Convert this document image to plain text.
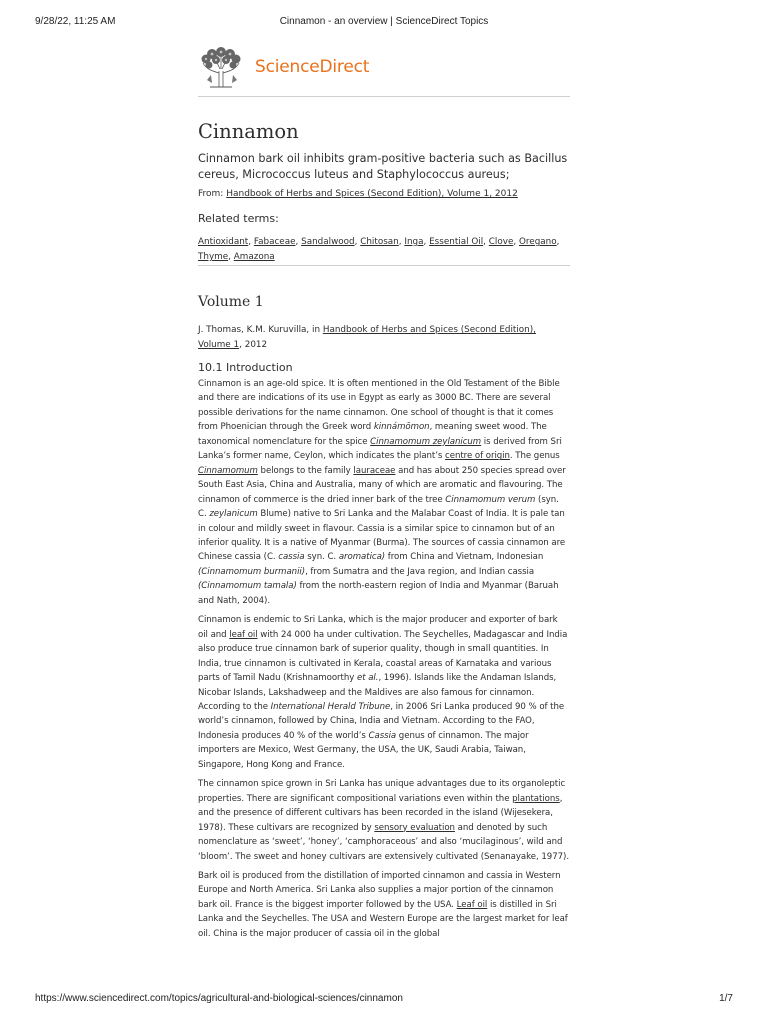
9/28/22, 11:25 AM	Cinnamon - an overview | ScienceDirect Topics
ScienceDirect
Cinnamon
Cinnamon bark oil inhibits gram-positive bacteria such as Bacillus cereus, Micrococcus luteus and Staphylococcus aureus;
From: Handbook of Herbs and Spices (Second Edition), Volume 1, 2012
Related terms:
Antioxidant, Fabaceae, Sandalwood, Chitosan, Inga, Essential Oil, Clove, Oregano, Thyme, Amazona
Volume 1
J. Thomas, K.M. Kuruvilla, in Handbook of Herbs and Spices (Second Edition),
Volume 1, 2012
10.1 Introduction

Cinnamon is an age-old spice. It is often mentioned in the Old Testament of the Bible and there are indications of its use in Egypt as early as 3000 BC. There are several possible derivations for the name cinnamon. One school of thought is that it comes from Phoenician through the Greek word kinnámōmon, meaning sweet wood. The taxonomical nomenclature for the spice Cinnamomum zeylanicum is derived from Sri Lanka’s former name, Ceylon, which indicates the plant’s centre of origin. The genus Cinnamomum belongs to the family lauraceae and has about 250 species spread over South East Asia, China and Australia, many of which are aromatic and flavouring. The cinnamon of commerce is the dried inner bark of the tree Cinnamomum verum (syn. C. zeylanicum Blume) native to Sri Lanka and the Malabar Coast of India. It is pale tan in colour and mildly sweet in flavour. Cassia is a similar spice to cinnamon but of an inferior quality. It is a native of Myanmar (Burma). The sources of cassia cinnamon are Chinese cassia (C. cassia syn. C. aromatica) from China and Vietnam, Indonesian (Cinnamomum burmanii), from Sumatra and the Java region, and Indian cassia (Cinnamomum tamala) from the north-eastern region of India and Myanmar (Baruah and Nath, 2004).

Cinnamon is endemic to Sri Lanka, which is the major producer and exporter of bark oil and leaf oil with 24 000 ha under cultivation. The Seychelles, Madagascar and India also produce true cinnamon bark of superior quality, though in small quantities. In India, true cinnamon is cultivated in Kerala, coastal areas of Karnataka and various parts of Tamil Nadu (Krishnamoorthy et al., 1996). Islands like the Andaman Islands, Nicobar Islands, Lakshadweep and the Maldives are also famous for cinnamon. According to the International Herald Tribune, in 2006 Sri Lanka produced 90 % of the world’s cinnamon, followed by China, India and Vietnam. According to the FAO, Indonesia produces 40 % of the world’s Cassia genus of cinnamon. The major importers are Mexico, West Germany, the USA, the UK, Saudi Arabia, Taiwan, Singapore, Hong Kong and France.

The cinnamon spice grown in Sri Lanka has unique advantages due to its organoleptic properties. There are significant compositional variations even within the plantations, and the presence of different cultivars has been recorded in the island (Wijesekera, 1978). These cultivars are recognized by sensory evaluation and denoted by such nomenclature as ‘sweet’, ‘honey’, ‘camphoraceous’ and also ‘mucilaginous’, wild and ‘bloom’. The sweet and honey cultivars are extensively cultivated (Senanayake, 1977).

Bark oil is produced from the distillation of imported cinnamon and cassia in Western Europe and North America. Sri Lanka also supplies a major portion of the cinnamon bark oil. France is the biggest importer followed by the USA. Leaf oil is distilled in Sri Lanka and the Seychelles. The USA and Western Europe are the largest market for leaf oil. China is the major producer of cassia oil in the global

https://www.sciencedirect.com/topics/agricultural-and-biological-sciences/cinnamon	1/7
